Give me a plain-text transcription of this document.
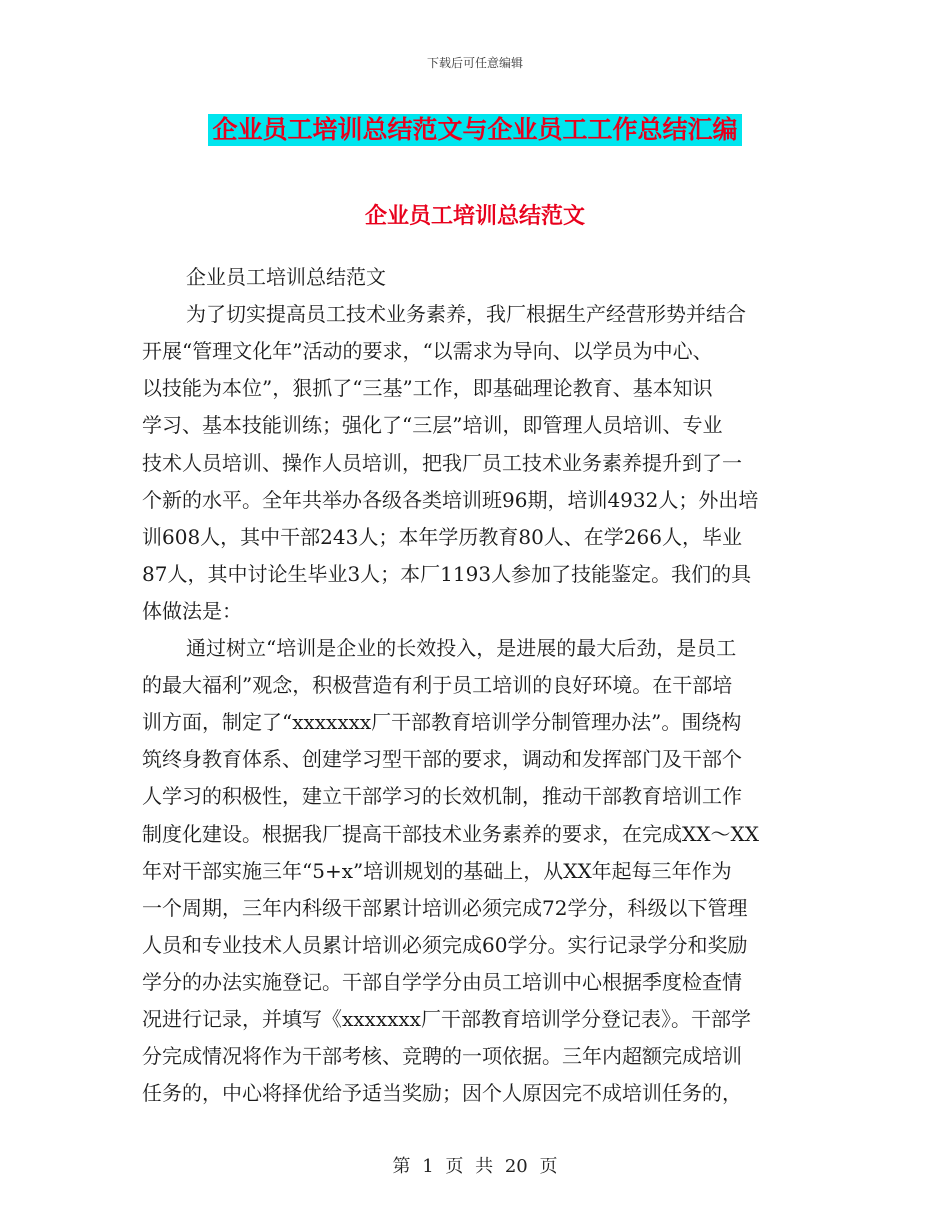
下载后可任意编辑
企业员工培训总结范文与企业员工工作总结汇编
企业员工培训总结范文
企业员工培训总结范文
为了切实提高员工技术业务素养，我厂根据生产经营形势并结合
开展“管理文化年”活动的要求，“以需求为导向、以学员为中心、
以技能为本位”，狠抓了“三基”工作，即基础理论教育、基本知识
学习、基本技能训练；强化了“三层”培训，即管理人员培训、专业
技术人员培训、操作人员培训，把我厂员工技术业务素养提升到了一
个新的水平。全年共举办各级各类培训班96期，培训4932人；外出培
训608人，其中干部243人；本年学历教育80人、在学266人，毕业
87人，其中讨论生毕业3人；本厂1193人参加了技能鉴定。我们的具
体做法是：
通过树立“培训是企业的长效投入，是进展的最大后劲，是员工
的最大福利”观念，积极营造有利于员工培训的良好环境。在干部培
训方面，制定了“xxxxxxx厂干部教育培训学分制管理办法”。围绕构
筑终身教育体系、创建学习型干部的要求，调动和发挥部门及干部个
人学习的积极性，建立干部学习的长效机制，推动干部教育培训工作
制度化建设。根据我厂提高干部技术业务素养的要求，在完成XX～XX
年对干部实施三年“5+x”培训规划的基础上，从XX年起每三年作为
一个周期，三年内科级干部累计培训必须完成72学分，科级以下管理
人员和专业技术人员累计培训必须完成60学分。实行记录学分和奖励
学分的办法实施登记。干部自学学分由员工培训中心根据季度检查情
况进行记录，并填写《xxxxxxx厂干部教育培训学分登记表》。干部学
分完成情况将作为干部考核、竞聘的一项依据。三年内超额完成培训
任务的，中心将择优给予适当奖励；因个人原因完不成培训任务的，
第 1 页 共 20 页
